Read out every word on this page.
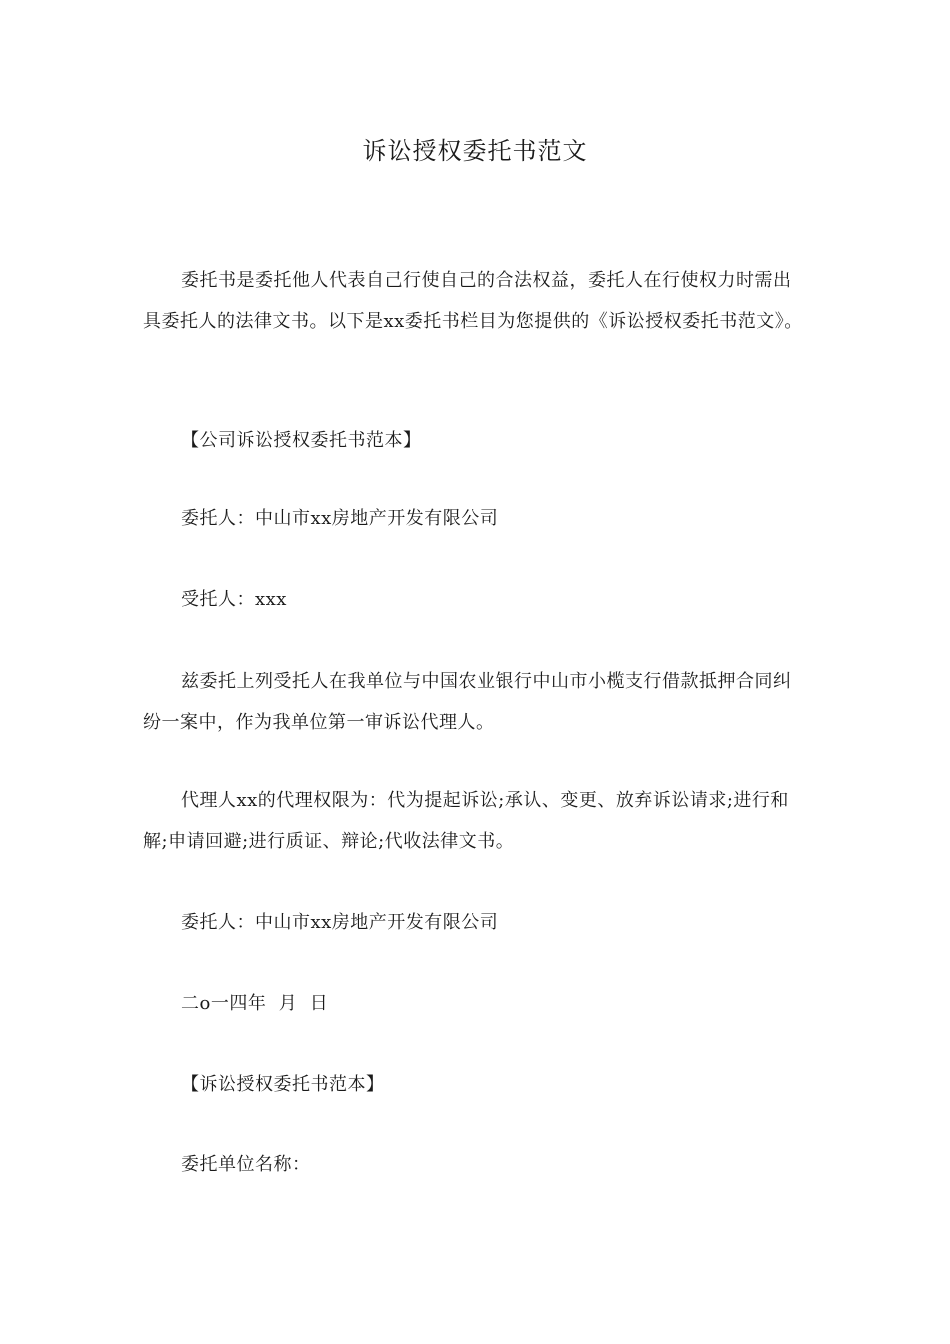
诉讼授权委托书范文
委托书是委托他人代表自己行使自己的合法权益，委托人在行使权力时需出具委托人的法律文书。以下是xx委托书栏目为您提供的《诉讼授权委托书范文》。
【公司诉讼授权委托书范本】
委托人：中山市xx房地产开发有限公司
受托人：xxx
兹委托上列受托人在我单位与中国农业银行中山市小榄支行借款抵押合同纠纷一案中，作为我单位第一审诉讼代理人。
代理人xx的代理权限为：代为提起诉讼;承认、变更、放弃诉讼请求;进行和解;申请回避;进行质证、辩论;代收法律文书。
委托人：中山市xx房地产开发有限公司
二o一四年  月  日
【诉讼授权委托书范本】
委托单位名称：
